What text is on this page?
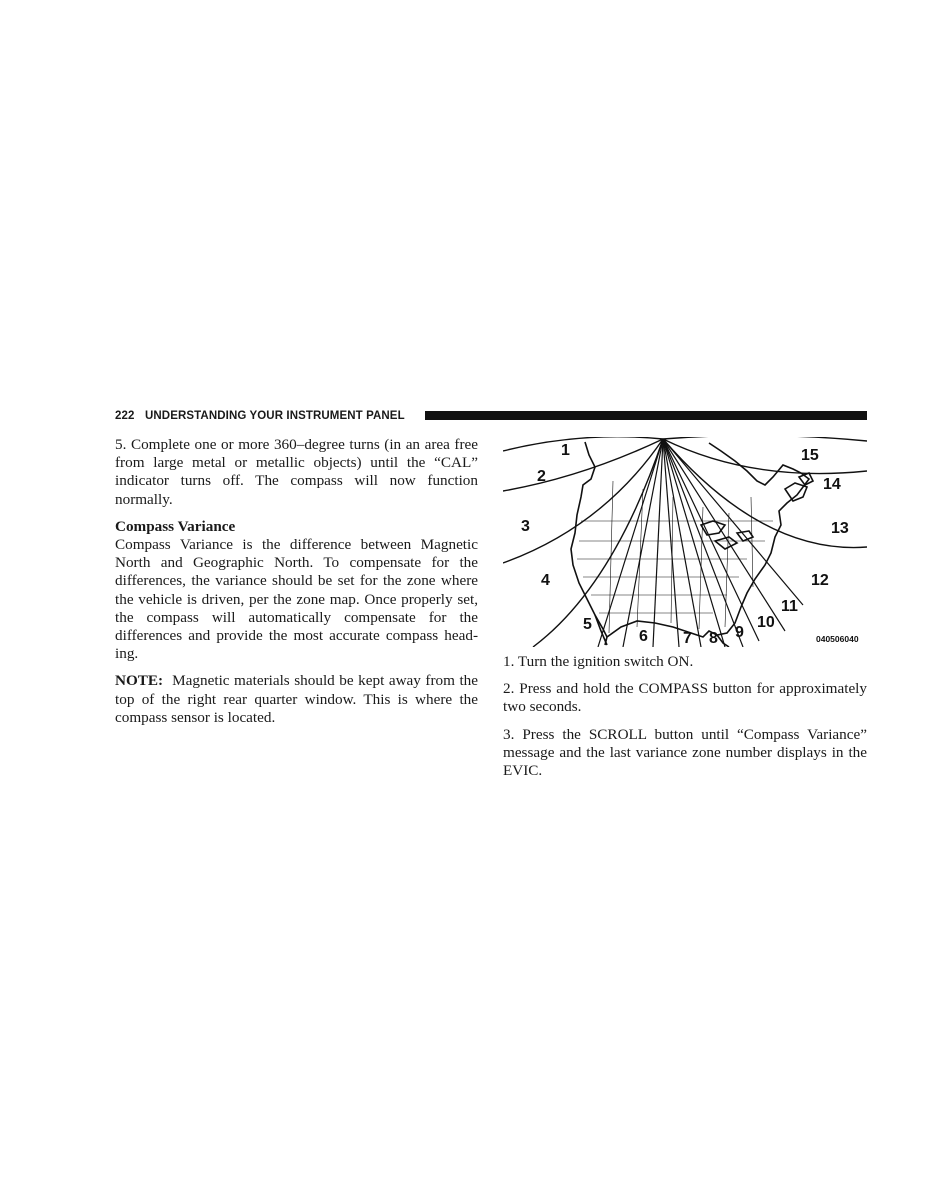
222 UNDERSTANDING YOUR INSTRUMENT PANEL

5. Complete one or more 360–degree turns (in an area free from large metal or metallic objects) until the “CAL” indicator turns off. The compass will now function normally.

Compass Variance

Compass Variance is the difference between Magnetic North and Geographic North. To compensate for the differences, the variance should be set for the zone where the vehicle is driven, per the zone map. Once properly set, the compass will automatically compensate for the differences and provide the most accurate compass heading.

NOTE: Magnetic materials should be kept away from the top of the right rear quarter window. This is where the compass sensor is located.

1
2
3
4
5
6 7 8 9
10
11
12
13
14
15
040506040

1. Turn the ignition switch ON.

2. Press and hold the COMPASS button for approximately two seconds.

3. Press the SCROLL button until “Compass Variance” message and the last variance zone number displays in the EVIC.
